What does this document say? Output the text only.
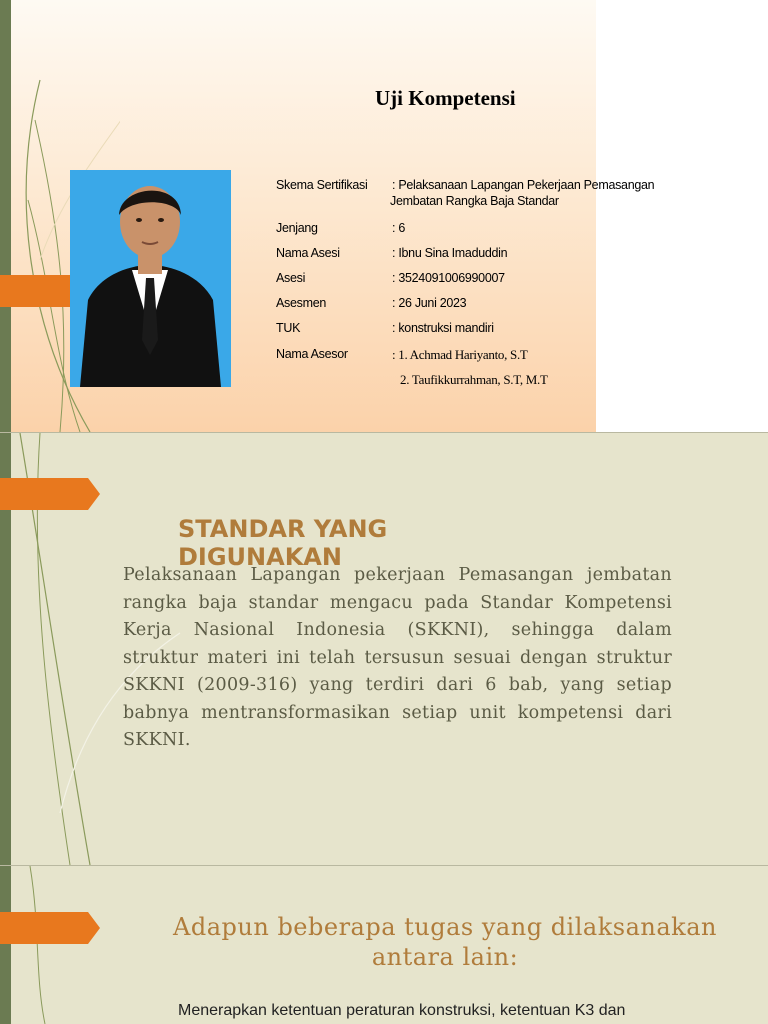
Uji Kompetensi
Skema Sertifikasi : Pelaksanaan Lapangan Pekerjaan Pemasangan
Jembatan Rangka Baja Standar
Jenjang	: 6
Nama Asesi	: Ibnu Sina Imaduddin
Asesi	: 3524091006990007
Asesmen	: 26 Juni 2023
TUK	: konstruksi mandiri
Nama Asesor	: 1. Achmad Hariyanto, S.T
2. Taufikkurrahman, S.T, M.T
STANDAR YANG DIGUNAKAN
Pelaksanaan Lapangan pekerjaan Pemasangan jembatan rangka baja standar mengacu pada Standar Kompetensi Kerja Nasional Indonesia (SKKNI), sehingga dalam struktur materi ini telah tersusun sesuai dengan struktur SKKNI (2009-316) yang terdiri dari 6 bab, yang setiap babnya mentransformasikan setiap unit kompetensi dari SKKNI.
Adapun beberapa tugas yang dilaksanakan antara lain:
Menerapkan ketentuan peraturan konstruksi, ketentuan K3 dan
